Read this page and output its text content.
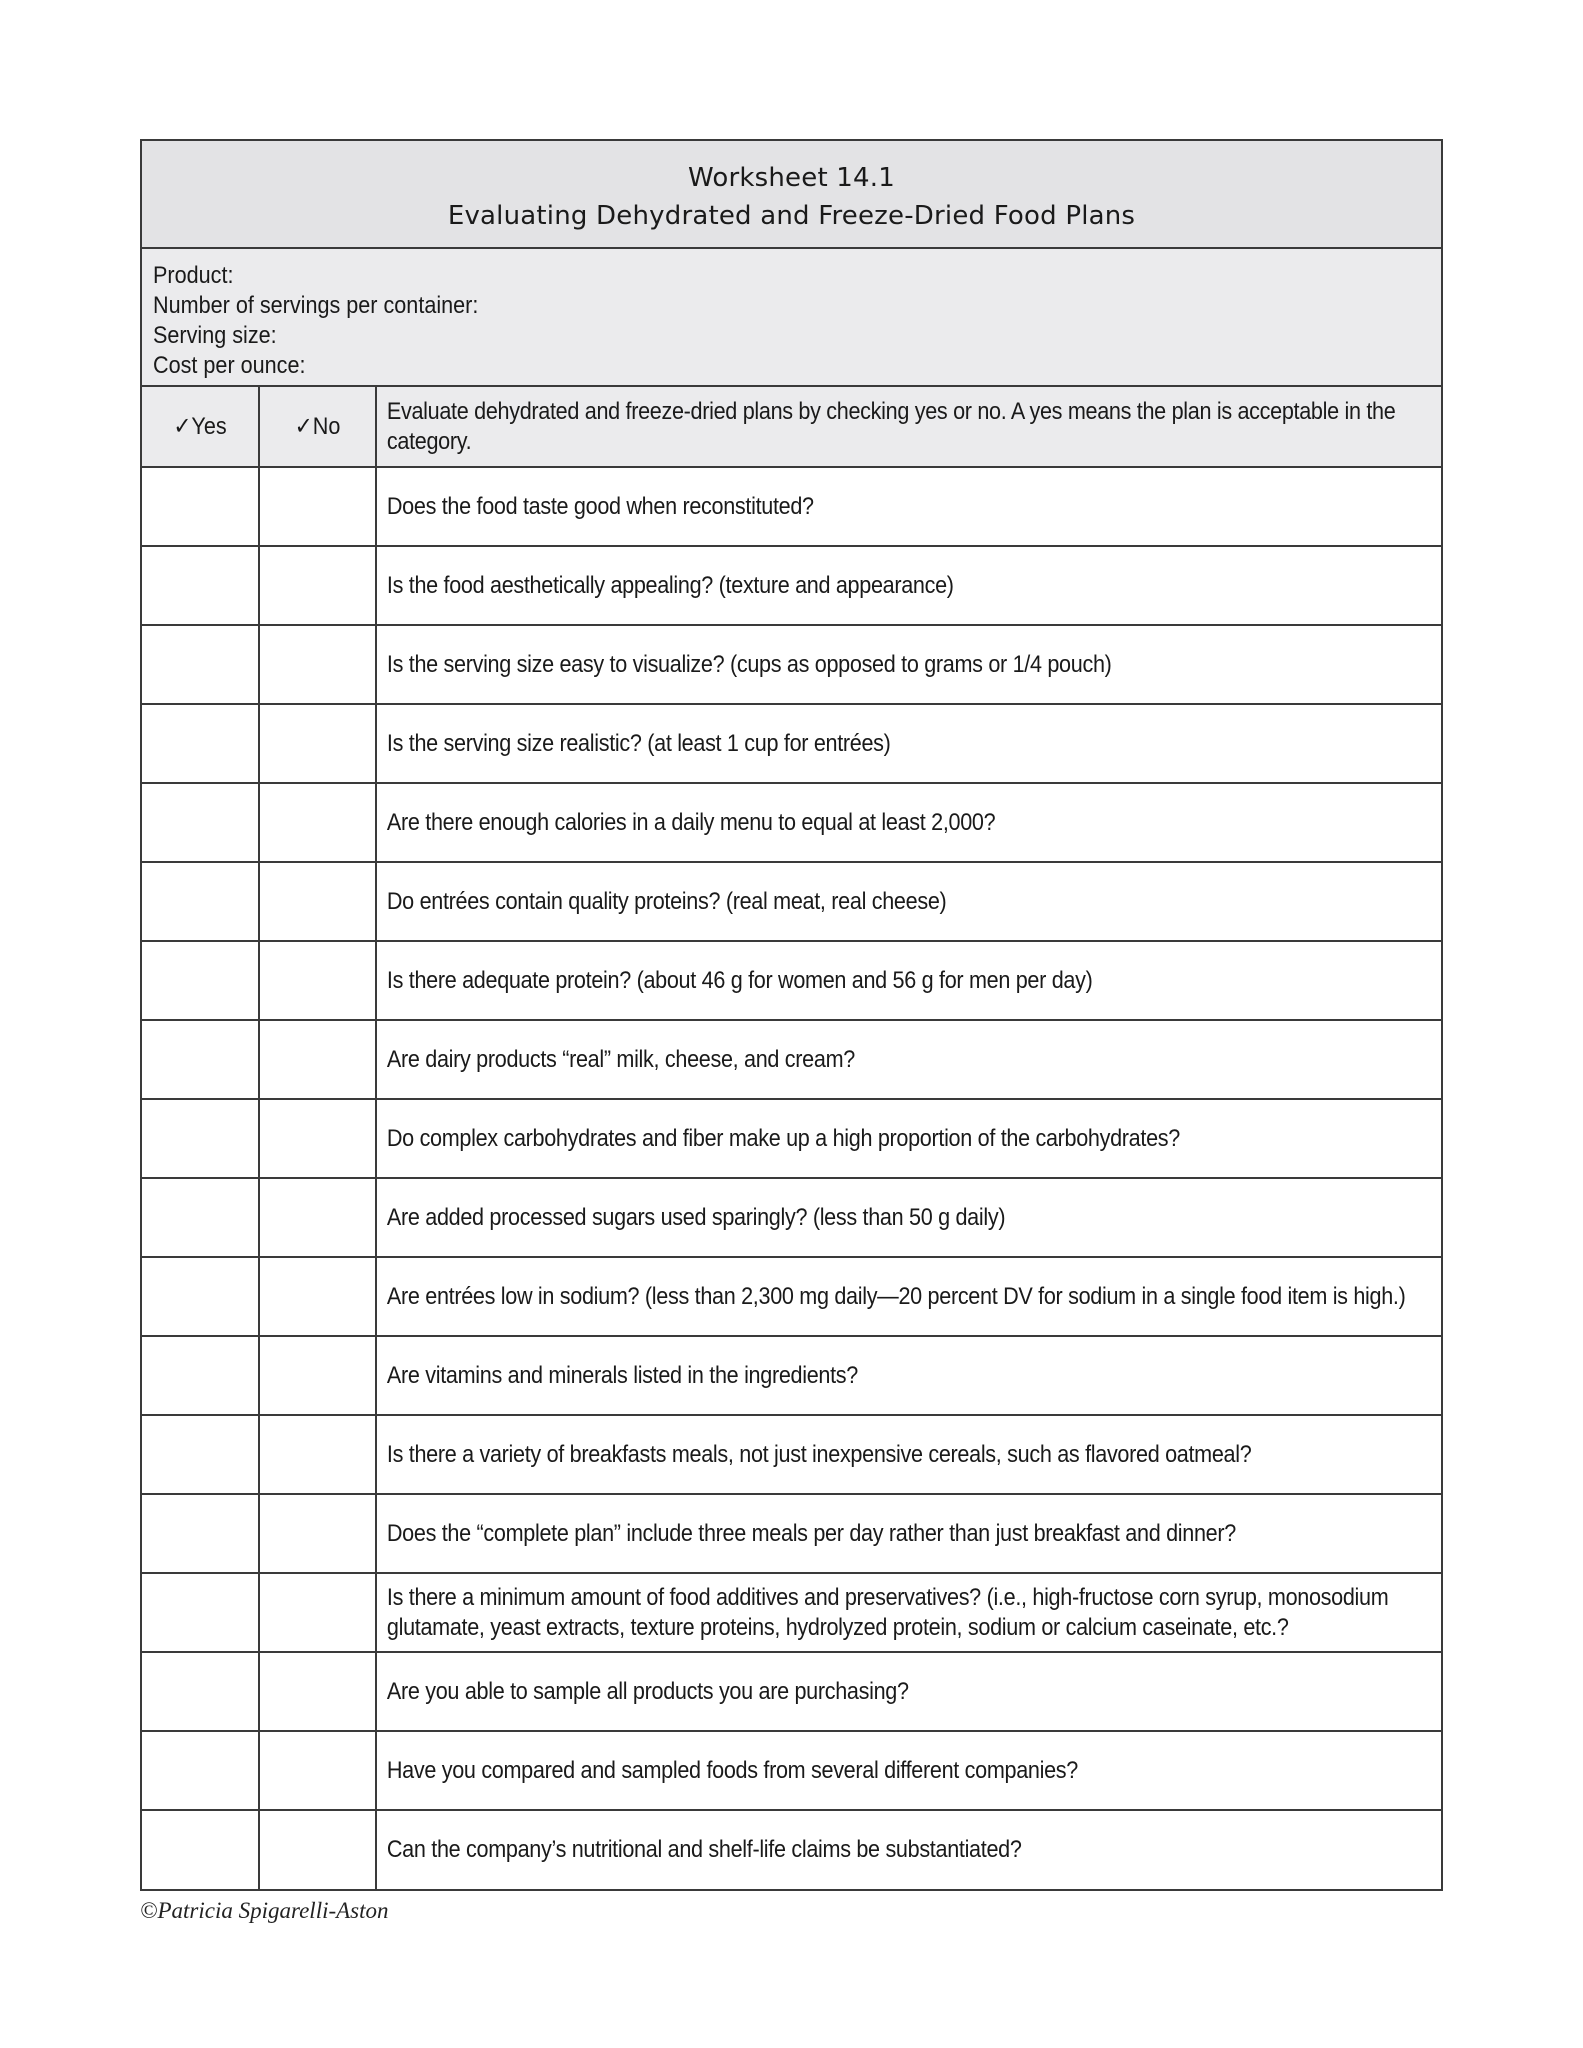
Worksheet 14.1
Evaluating Dehydrated and Freeze-Dried Food Plans
Product:
Number of servings per container:
Serving size:
Cost per ounce:
✓Yes	✓No	Evaluate dehydrated and freeze-dried plans by checking yes or no. A yes means the plan is acceptable in the category.

		Does the food taste good when reconstituted?

		Is the food aesthetically appealing? (texture and appearance)

		Is the serving size easy to visualize? (cups as opposed to grams or 1/4 pouch)

		Is the serving size realistic? (at least 1 cup for entrées)

		Are there enough calories in a daily menu to equal at least 2,000?

		Do entrées contain quality proteins? (real meat, real cheese)

		Is there adequate protein? (about 46 g for women and 56 g for men per day)

		Are dairy products “real” milk, cheese, and cream?

		Do complex carbohydrates and fiber make up a high proportion of the carbohydrates?

		Are added processed sugars used sparingly? (less than 50 g daily)

		Are entrées low in sodium? (less than 2,300 mg daily—20 percent DV for sodium in a single food item is high.)

		Are vitamins and minerals listed in the ingredients?

		Is there a variety of breakfasts meals, not just inexpensive cereals, such as flavored oatmeal?

		Does the “complete plan” include three meals per day rather than just breakfast and dinner?

		Is there a minimum amount of food additives and preservatives? (i.e., high-fructose corn syrup, monosodium glutamate, yeast extracts, texture proteins, hydrolyzed protein, sodium or calcium caseinate, etc.?

		Are you able to sample all products you are purchasing?

		Have you compared and sampled foods from several different companies?

		Can the company’s nutritional and shelf-life claims be substantiated?
©Patricia Spigarelli-Aston
